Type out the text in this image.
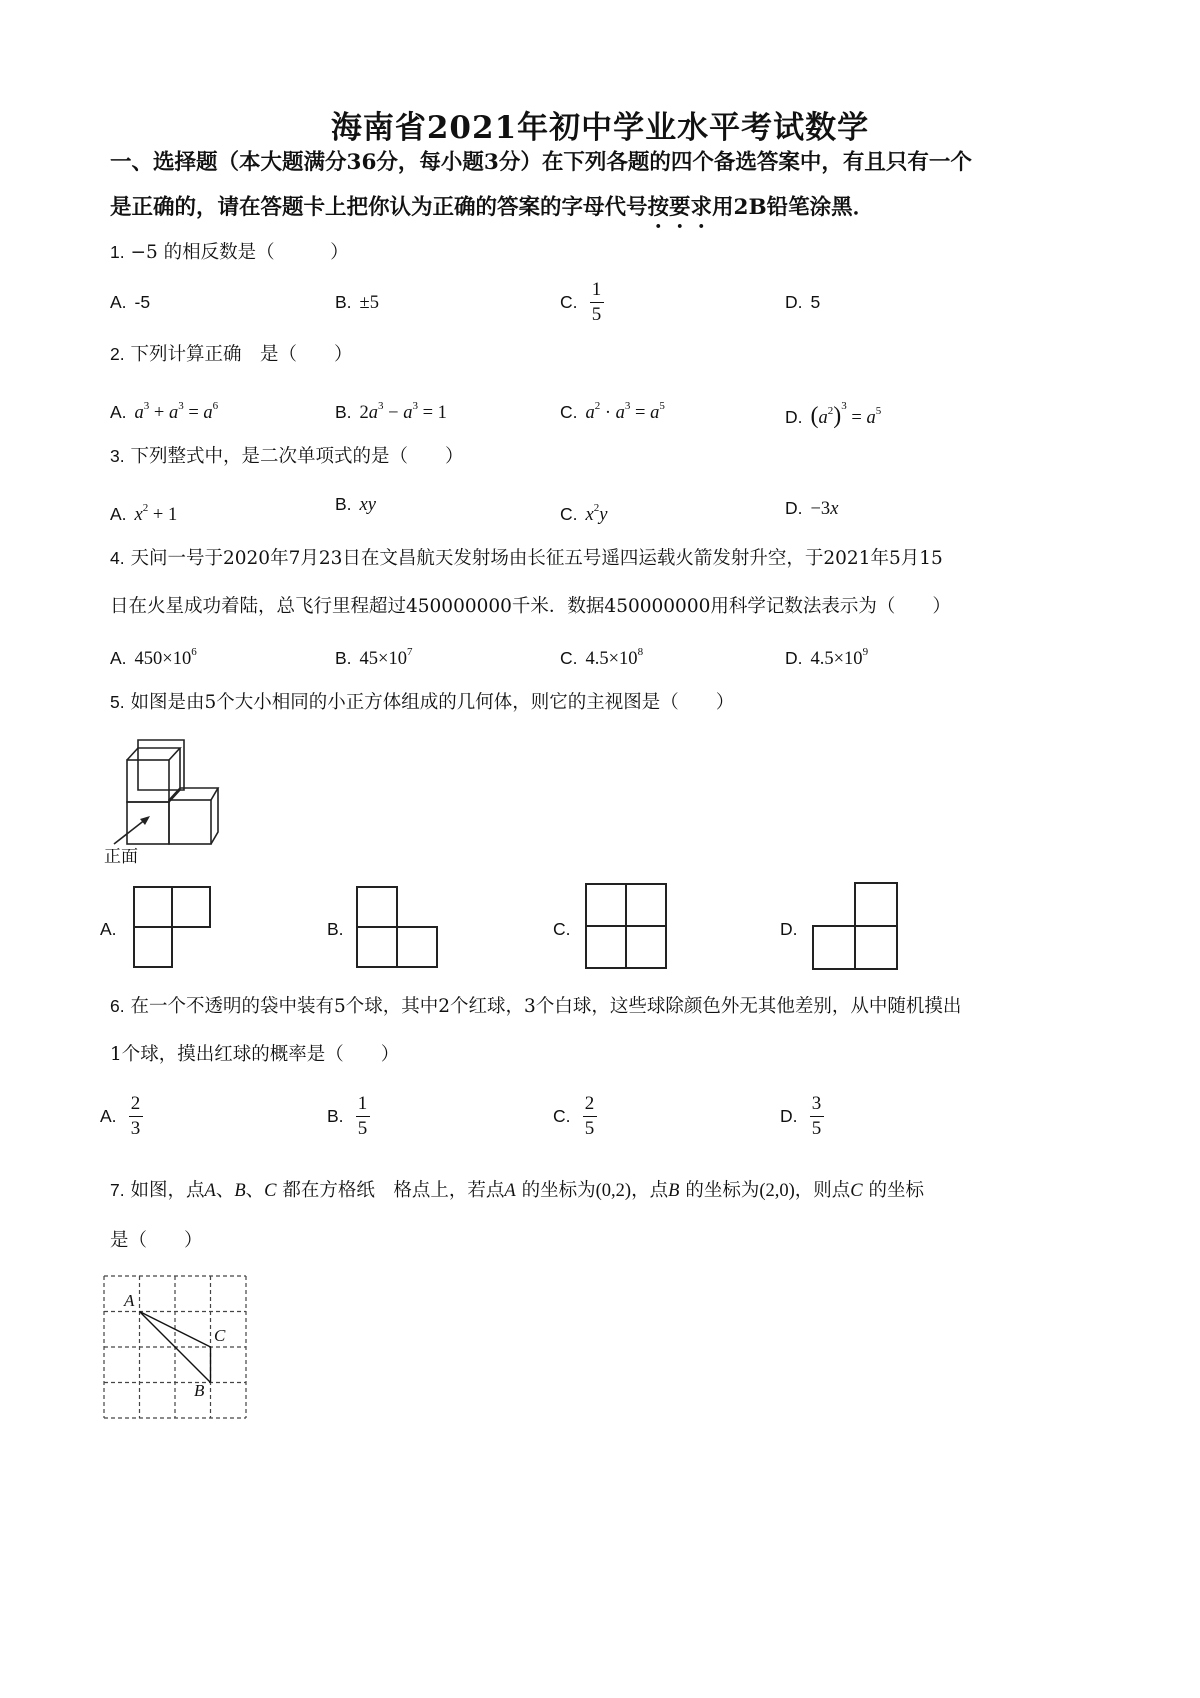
海南省2021年初中学业水平考试数学
一、选择题（本大题满分36分，每小题3分）在下列各题的四个备选答案中，有且只有一个
是正确的，请在答题卡上把你认为正确的答案的字母代号按要求用2B铅笔涂黑．
1. −5 的相反数是（　　　）
A. -5	B. ±5	C. $\frac{1}{5}$	D. 5
2. 下列计算正确　是（　　）
A. $a^3 + a^3 = a^6$	B. $2a^3 - a^3 = 1$	C. $a^2 \cdot a^3 = a^5$
D. $(a^2)^3 = a^5$
3. 下列整式中，是二次单项式的是（　　）
A. $x^2 + 1$
B. xy	C. $x^2y$	D. −3x
4. 天问一号于2020年7月23日在文昌航天发射场由长征五号遥四运载火箭发射升空，于2021年5月15
日在火星成功着陆，总飞行里程超过450000000千米．数据450000000用科学记数法表示为（　　）
A. $450\times 10^6$	B. $45\times 10^7$	C. $4.5\times 10^8$	D. $4.5\times 10^9$
5. 如图是由5个大小相同的小正方体组成的几何体，则它的主视图是（　　）
正面
A.	B.	C.	D.
6. 在一个不透明的袋中装有5个球，其中2个红球，3个白球，这些球除颜色外无其他差别，从中随机摸出
1个球，摸出红球的概率是（　　）
A. $\frac{2}{3}$	B. $\frac{1}{5}$	C. $\frac{2}{5}$	D. $\frac{3}{5}$
7. 如图，点A、B、C 都在方格纸　格点上，若点A 的坐标为(0,2)，点B 的坐标为(2,0)，则点C 的坐标
是（　　）
A
C
B
